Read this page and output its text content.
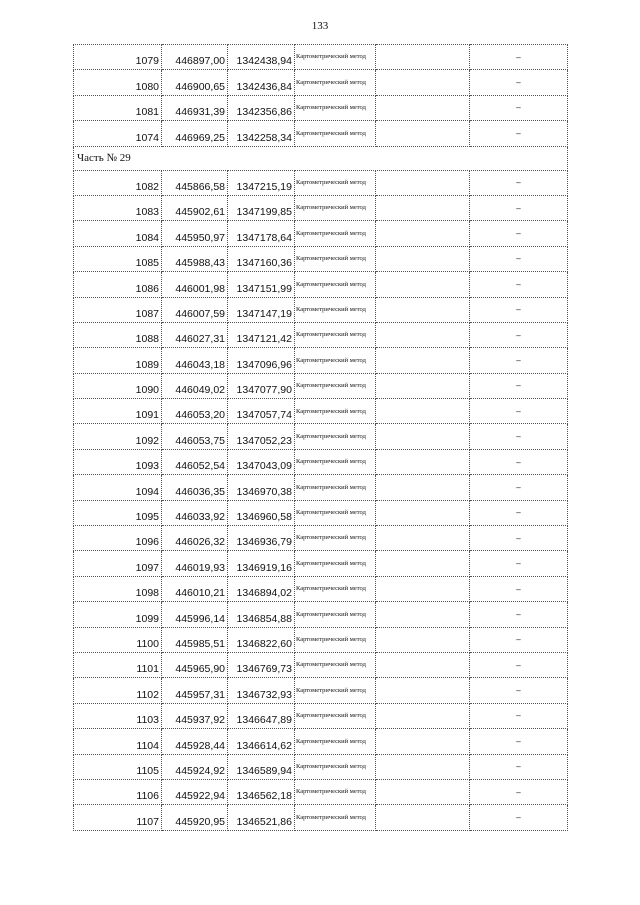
133
1079	446897,00	1342438,94	Картометрический метод		–
1080	446900,65	1342436,84	Картометрический метод		–
1081	446931,39	1342356,86	Картометрический метод		–
1074	446969,25	1342258,34	Картометрический метод		–
Часть № 29					
1082	445866,58	1347215,19	Картометрический метод		–
1083	445902,61	1347199,85	Картометрический метод		–
1084	445950,97	1347178,64	Картометрический метод		–
1085	445988,43	1347160,36	Картометрический метод		–
1086	446001,98	1347151,99	Картометрический метод		–
1087	446007,59	1347147,19	Картометрический метод		–
1088	446027,31	1347121,42	Картометрический метод		–
1089	446043,18	1347096,96	Картометрический метод		–
1090	446049,02	1347077,90	Картометрический метод		–
1091	446053,20	1347057,74	Картометрический метод		–
1092	446053,75	1347052,23	Картометрический метод		–
1093	446052,54	1347043,09	Картометрический метод		–
1094	446036,35	1346970,38	Картометрический метод		–
1095	446033,92	1346960,58	Картометрический метод		–
1096	446026,32	1346936,79	Картометрический метод		–
1097	446019,93	1346919,16	Картометрический метод		–
1098	446010,21	1346894,02	Картометрический метод		–
1099	445996,14	1346854,88	Картометрический метод		–
1100	445985,51	1346822,60	Картометрический метод		–
1101	445965,90	1346769,73	Картометрический метод		–
1102	445957,31	1346732,93	Картометрический метод		–
1103	445937,92	1346647,89	Картометрический метод		–
1104	445928,44	1346614,62	Картометрический метод		–
1105	445924,92	1346589,94	Картометрический метод		–
1106	445922,94	1346562,18	Картометрический метод		–
1107	445920,95	1346521,86	Картометрический метод		–
